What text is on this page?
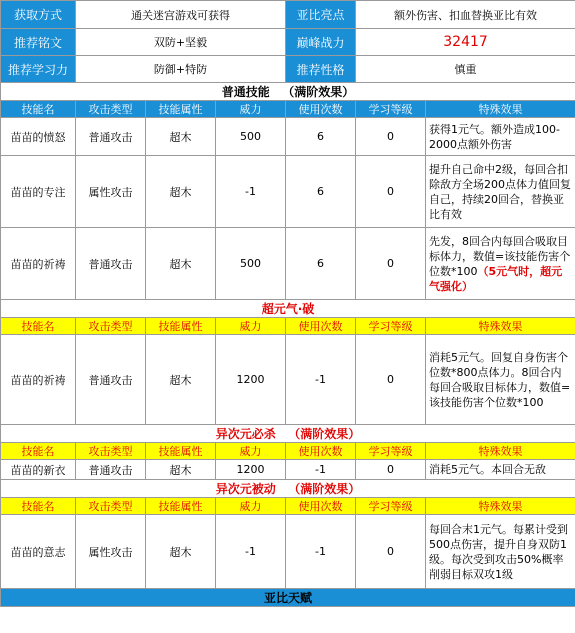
获取方式	通关迷宫游戏可获得			亚比亮点	额外伤害、扣血替换亚比有效	
推荐铭文	双防+坚毅			巅峰战力	32417	
推荐学习力	防御+特防			推荐性格	慎重	
普通技能 （满阶效果）						
技能名	攻击类型	技能属性	威力	使用次数	学习等级	特殊效果
苗苗的愤怒	普通攻击	超木	500	6	0	获得1元气。额外造成100-2000点额外伤害
苗苗的专注	属性攻击	超木	-1	6	0	提升自己命中2级，每回合扣除敌方全场200点体力值回复自己，持续20回合，替换亚比有效
苗苗的祈祷	普通攻击	超木	500	6	0	先发，8回合内每回合吸取目标体力，数值=该技能伤害个位数*100（5元气时，超元气强化）
超元气·破						
技能名	攻击类型	技能属性	威力	使用次数	学习等级	特殊效果
苗苗的祈祷	普通攻击	超木	1200	-1	0	消耗5元气。回复自身伤害个位数*800点体力。8回合内每回合吸取目标体力，数值=该技能伤害个位数*100
异次元必杀 （满阶效果）						
技能名	攻击类型	技能属性	威力	使用次数	学习等级	特殊效果
苗苗的新衣	普通攻击	超木	1200	-1	0	消耗5元气。本回合无敌
异次元被动 （满阶效果）						
技能名	攻击类型	技能属性	威力	使用次数	学习等级	特殊效果
苗苗的意志	属性攻击	超木	-1	-1	0	每回合末1元气。每累计受到500点伤害，提升自身双防1级。每次受到攻击50%概率削弱目标双攻1级
亚比天赋						
